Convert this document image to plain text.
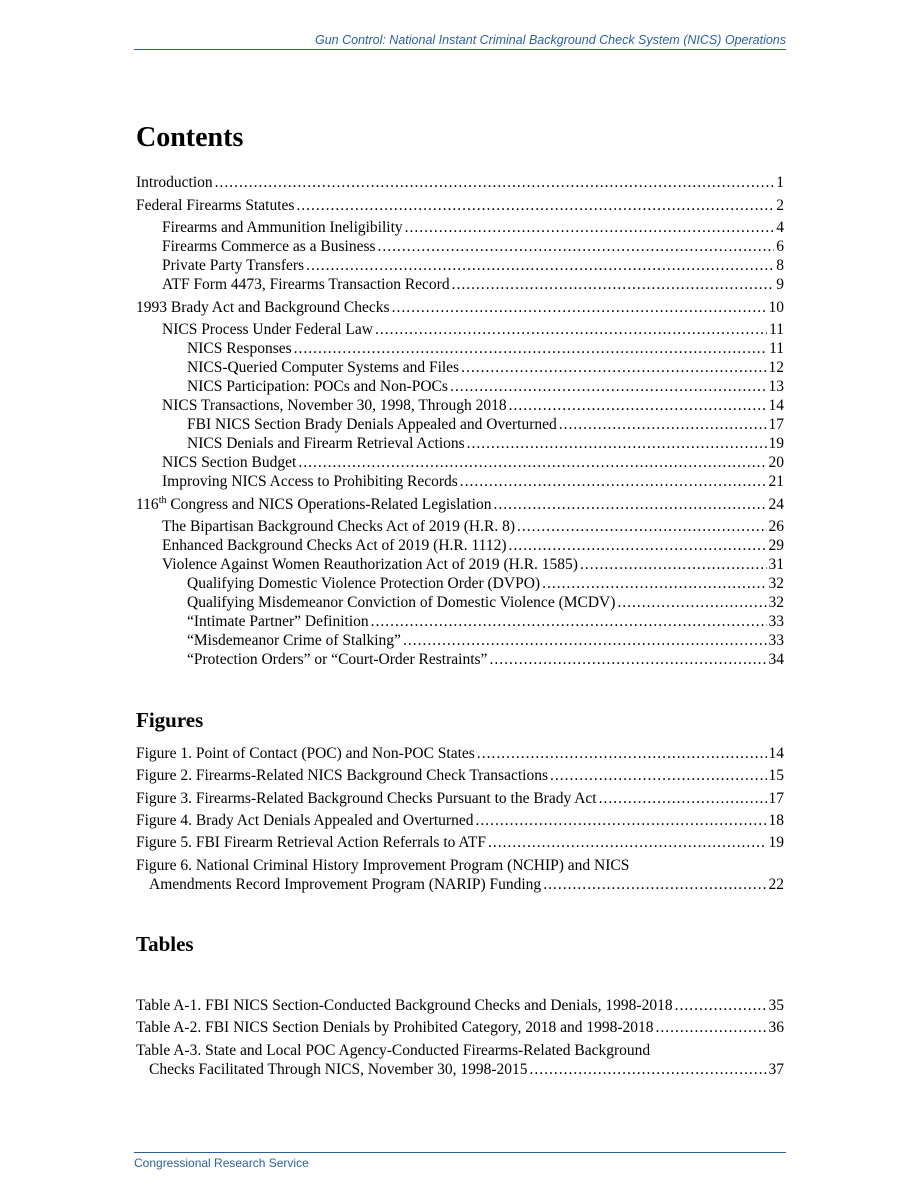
Gun Control: National Instant Criminal Background Check System (NICS) Operations
Contents
Introduction .....	1
Federal Firearms Statutes .....	2
Firearms and Ammunition Ineligibility .....	4
Firearms Commerce as a Business .....	6
Private Party Transfers .....	8
ATF Form 4473, Firearms Transaction Record .....	9
1993 Brady Act and Background Checks .....	10
NICS Process Under Federal Law .....	11
NICS Responses .....	11
NICS-Queried Computer Systems and Files .....	12
NICS Participation: POCs and Non-POCs .....	13
NICS Transactions, November 30, 1998, Through 2018 .....	14
FBI NICS Section Brady Denials Appealed and Overturned .....	17
NICS Denials and Firearm Retrieval Actions .....	19
NICS Section Budget .....	20
Improving NICS Access to Prohibiting Records .....	21
116th Congress and NICS Operations-Related Legislation .....	24
The Bipartisan Background Checks Act of 2019 (H.R. 8) .....	26
Enhanced Background Checks Act of 2019 (H.R. 1112) .....	29
Violence Against Women Reauthorization Act of 2019 (H.R. 1585) .....	31
Qualifying Domestic Violence Protection Order (DVPO) .....	32
Qualifying Misdemeanor Conviction of Domestic Violence (MCDV) .....	32
“Intimate Partner” Definition .....	33
“Misdemeanor Crime of Stalking” .....	33
“Protection Orders” or “Court-Order Restraints” .....	34
Figures
Figure 1. Point of Contact (POC) and Non-POC States .....	14
Figure 2. Firearms-Related NICS Background Check Transactions .....	15
Figure 3. Firearms-Related Background Checks Pursuant to the Brady Act .....	17
Figure 4. Brady Act Denials Appealed and Overturned .....	18
Figure 5. FBI Firearm Retrieval Action Referrals to ATF .....	19
Figure 6. National Criminal History Improvement Program (NCHIP) and NICS
Amendments Record Improvement Program (NARIP) Funding .....	22
Tables
Table A-1. FBI NICS Section-Conducted Background Checks and Denials, 1998-2018 .....	35
Table A-2. FBI NICS Section Denials by Prohibited Category, 2018 and 1998-2018 .....	36
Table A-3. State and Local POC Agency-Conducted Firearms-Related Background
Checks Facilitated Through NICS, November 30, 1998-2015 .....	37
Congressional Research Service
